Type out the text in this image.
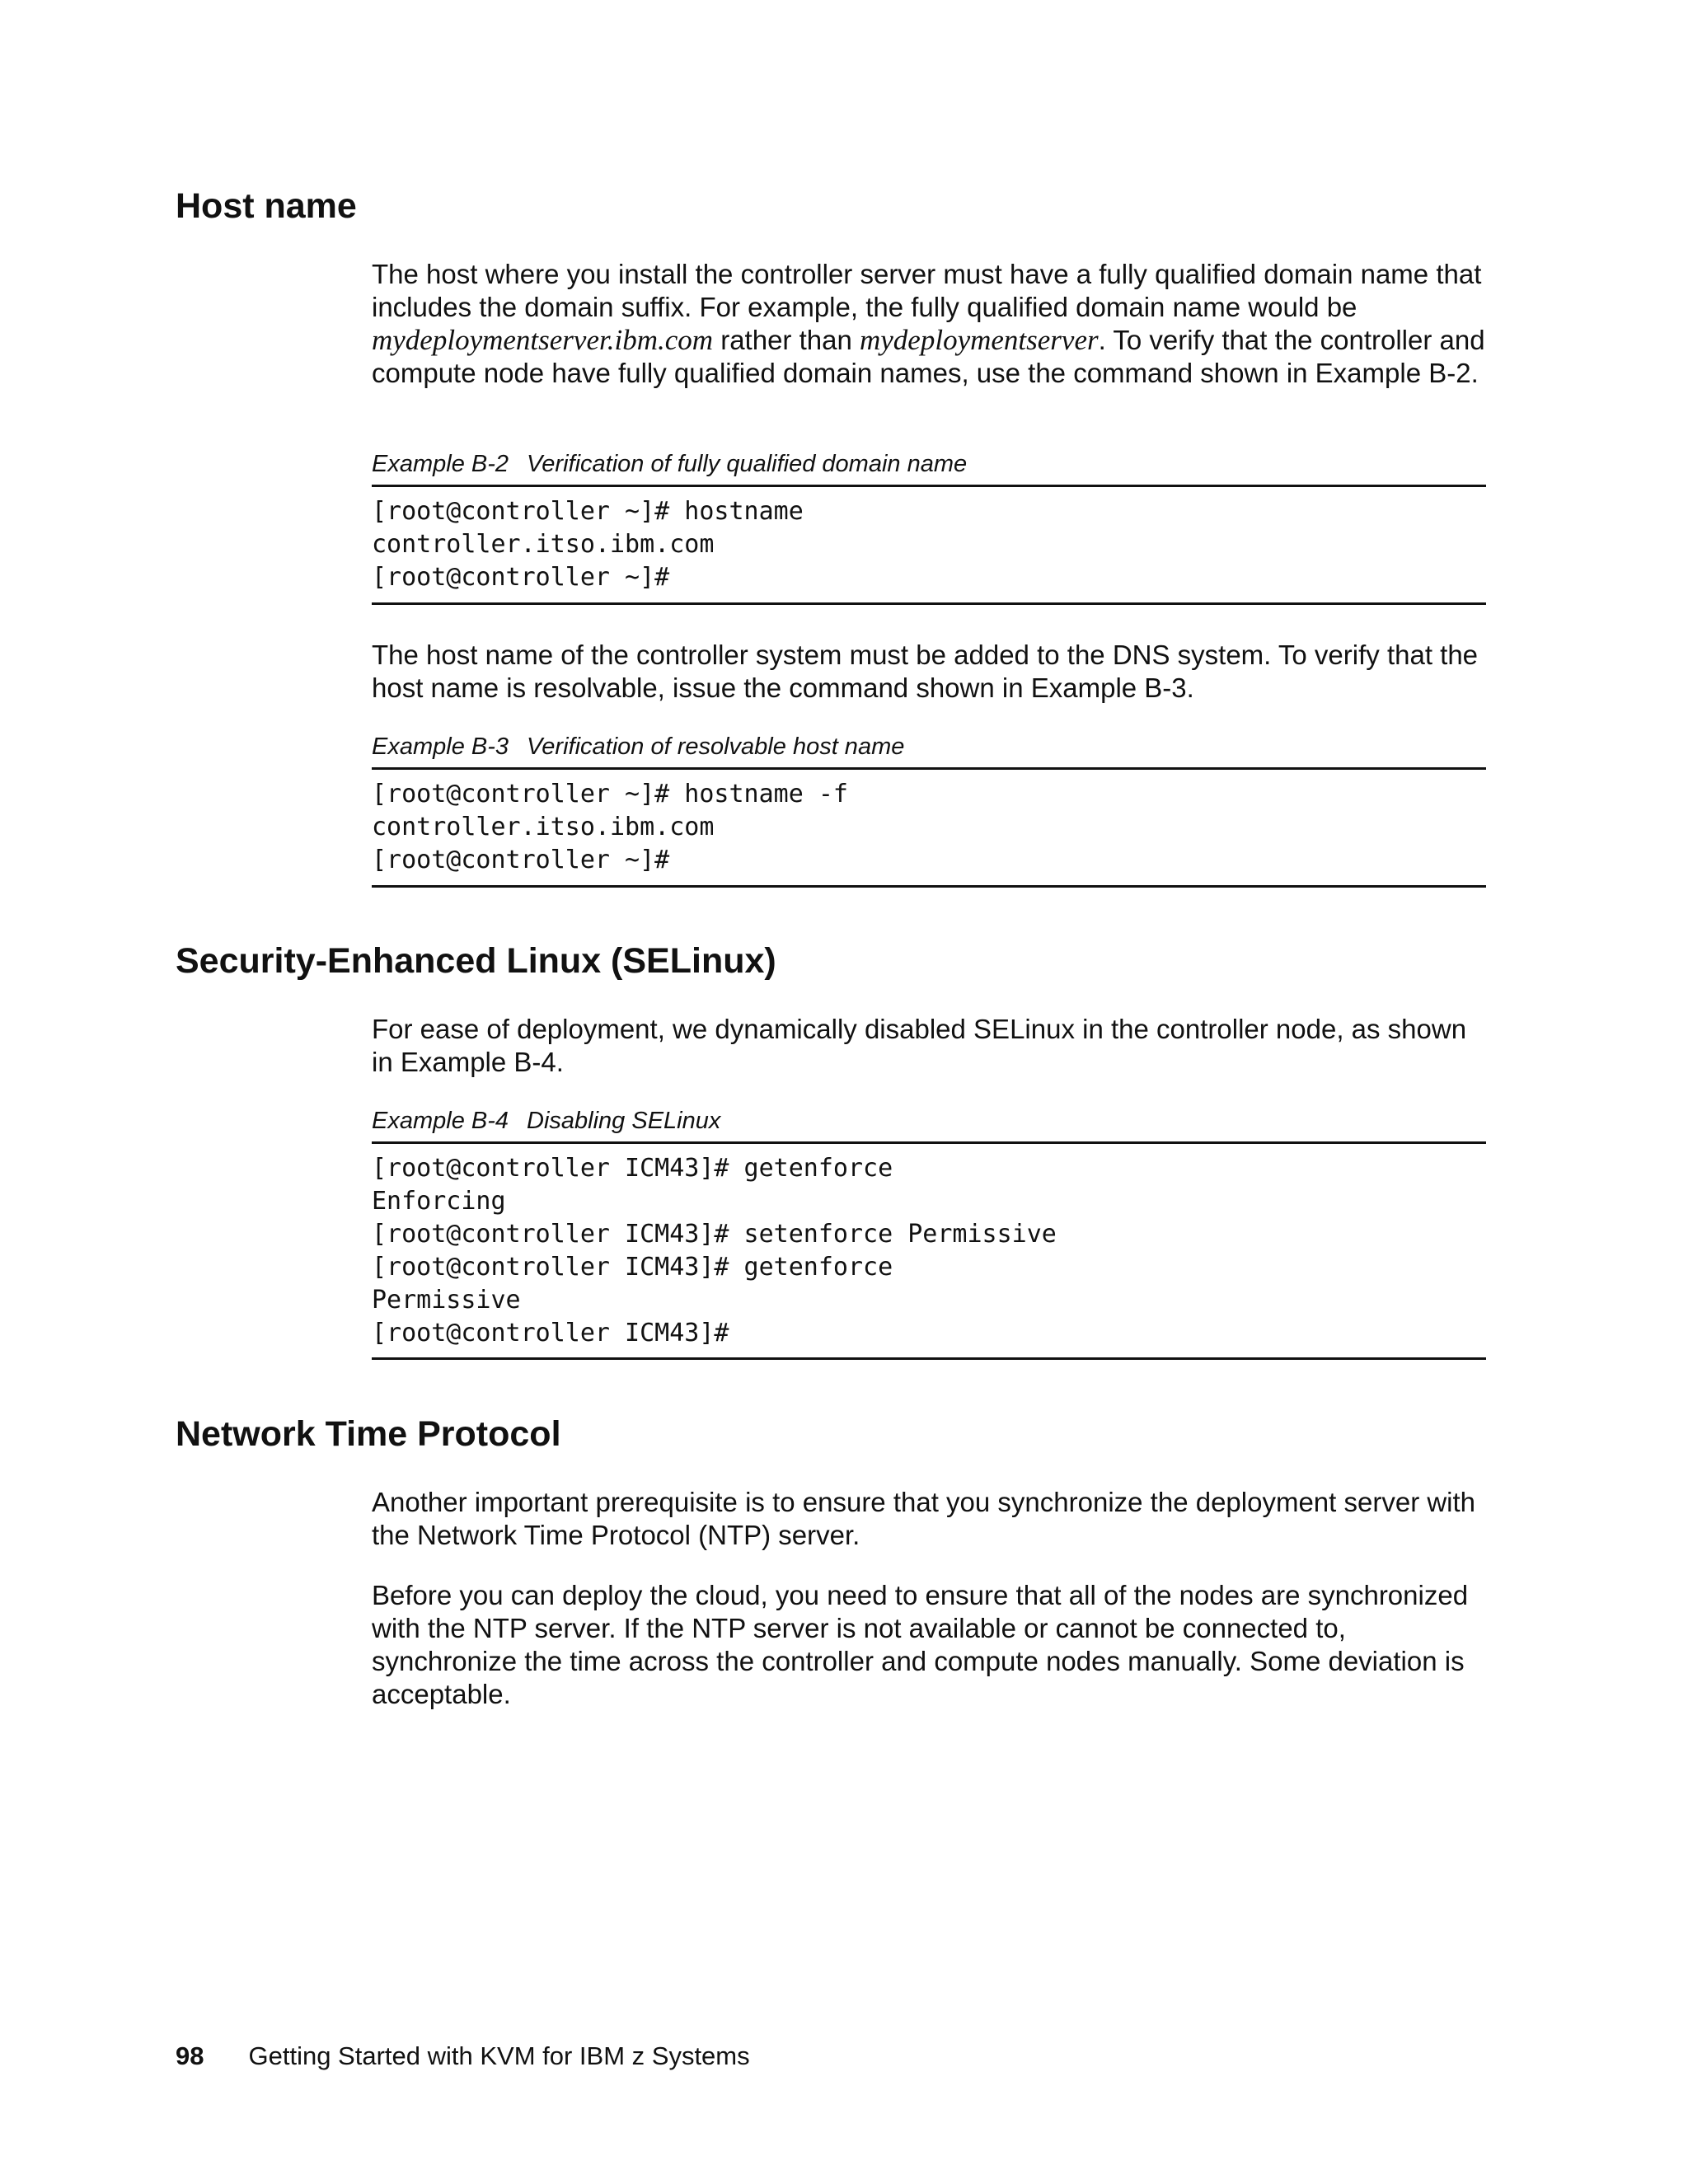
Host name

The host where you install the controller server must have a fully qualified domain name that includes the domain suffix. For example, the fully qualified domain name would be mydeploymentserver.ibm.com rather than mydeploymentserver. To verify that the controller and compute node have fully qualified domain names, use the command shown in Example B-2.

Example B-2 Verification of fully qualified domain name

[root@controller ~]# hostname
controller.itso.ibm.com
[root@controller ~]#

The host name of the controller system must be added to the DNS system. To verify that the host name is resolvable, issue the command shown in Example B-3.

Example B-3 Verification of resolvable host name

[root@controller ~]# hostname -f
controller.itso.ibm.com
[root@controller ~]#
Security-Enhanced Linux (SELinux)

For ease of deployment, we dynamically disabled SELinux in the controller node, as shown in Example B-4.

Example B-4 Disabling SELinux

[root@controller ICM43]# getenforce
Enforcing
[root@controller ICM43]# setenforce Permissive
[root@controller ICM43]# getenforce
Permissive
[root@controller ICM43]#
Network Time Protocol

Another important prerequisite is to ensure that you synchronize the deployment server with the Network Time Protocol (NTP) server.

Before you can deploy the cloud, you need to ensure that all of the nodes are synchronized with the NTP server. If the NTP server is not available or cannot be connected to, synchronize the time across the controller and compute nodes manually. Some deviation is acceptable.

98 Getting Started with KVM for IBM z Systems
